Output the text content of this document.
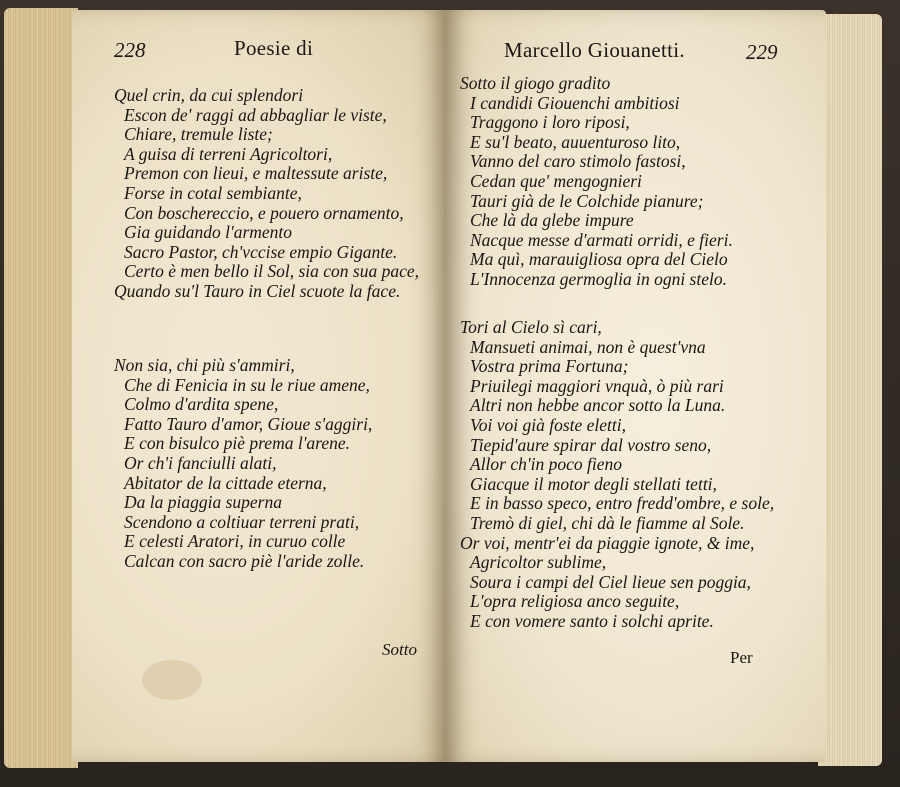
228	Poesie di
Quel crin, da cui splendori
Escon de' raggi ad abbagliar le viste,
Chiare, tremule liste;
A guisa di terreni Agricoltori,
Premon con lieui, e maltessute ariste,
Forse in cotal sembiante,
Con boschereccio, e pouero ornamento,
Gia guidando l'armento
Sacro Pastor, ch'vccise empio Gigante.
Certo è men bello il Sol, sia con sua pace,
Quando su'l Tauro in Ciel scuote la face.
Non sia, chi più s'ammiri,
Che di Fenicia in su le riue amene,
Colmo d'ardita spene,
Fatto Tauro d'amor, Gioue s'aggiri,
E con bisulco piè prema l'arene.
Or ch'i fanciulli alati,
Abitator de la cittade eterna,
Da la piaggia superna
Scendono a coltiuar terreni prati,
E celesti Aratori, in curuo colle
Calcan con sacro piè l'aride zolle.
Sotto
Marcello Giouanetti.	229
Sotto il giogo gradito
I candidi Giouenchi ambitiosi
Traggono i loro riposi,
E su'l beato, auuenturoso lito,
Vanno del caro stimolo fastosi,
Cedan que' mengognieri
Tauri già de le Colchide pianure;
Che là da glebe impure
Nacque messe d'armati orridi, e fieri.
Ma quì, marauigliosa opra del Cielo
L'Innocenza germoglia in ogni stelo.
Tori al Cielo sì cari,
Mansueti animai, non è quest'vna
Vostra prima Fortuna;
Priuilegi maggiori vnquà, ò più rari
Altri non hebbe ancor sotto la Luna.
Voi voi già foste eletti,
Tiepid'aure spirar dal vostro seno,
Allor ch'in poco fieno
Giacque il motor degli stellati tetti,
E in basso speco, entro fredd'ombre, e sole,
Tremò di giel, chi dà le fiamme al Sole.
Or voi, mentr'ei da piaggie ignote, & ime,
Agricoltor sublime,
Soura i campi del Ciel lieue sen poggia,
L'opra religiosa anco seguite,
E con vomere santo i solchi aprite.
Per
